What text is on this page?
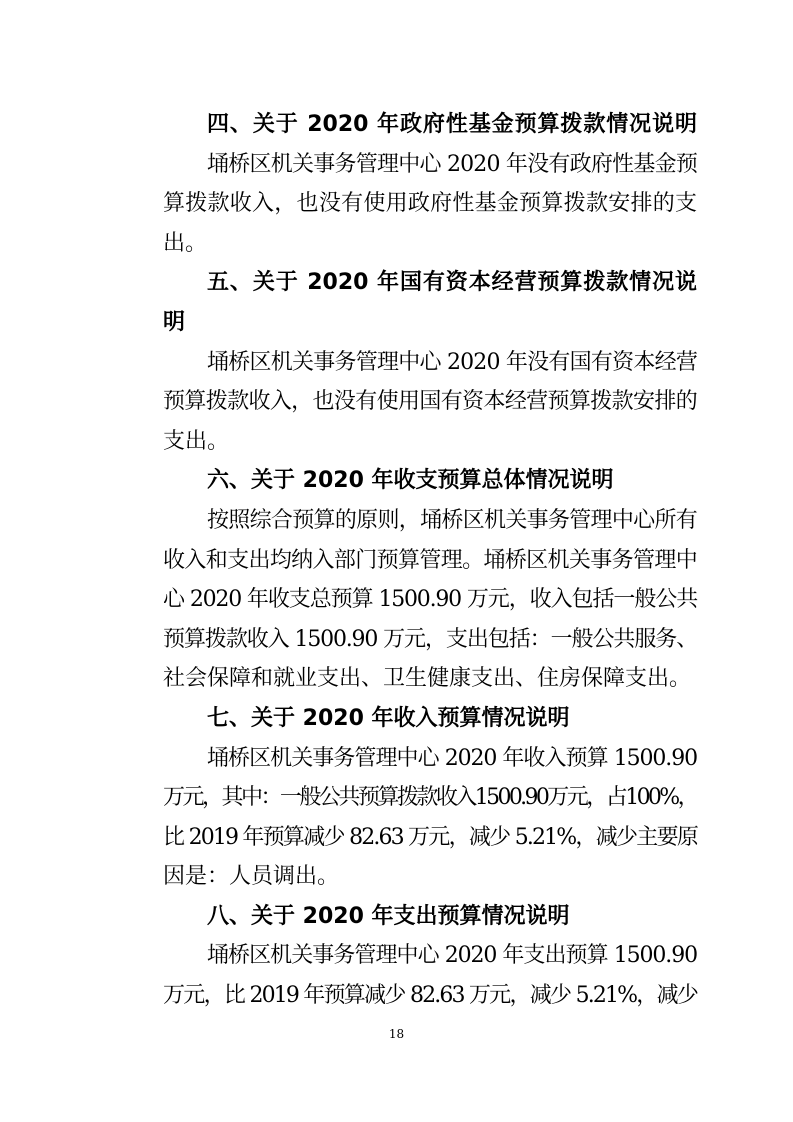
四、关于 2020 年政府性基金预算拨款情况说明
埇桥区机关事务管理中心 2020 年没有政府性基金预
算拨款收入，也没有使用政府性基金预算拨款安排的支
出。
五、关于 2020 年国有资本经营预算拨款情况说
明
埇桥区机关事务管理中心 2020 年没有国有资本经营
预算拨款收入，也没有使用国有资本经营预算拨款安排的
支出。
六、关于 2020 年收支预算总体情况说明
按照综合预算的原则，埇桥区机关事务管理中心所有
收入和支出均纳入部门预算管理。埇桥区机关事务管理中
心 2020 年收支总预算 1500.90 万元，收入包括一般公共
预算拨款收入 1500.90 万元，支出包括：一般公共服务、
社会保障和就业支出、卫生健康支出、住房保障支出。
七、关于 2020 年收入预算情况说明
埇桥区机关事务管理中心 2020 年收入预算 1500.90
万元，其中：一般公共预算拨款收入1500.90万元，占100%，
比 2019 年预算减少 82.63 万元，减少 5.21%，减少主要原
因是：人员调出。
八、关于 2020 年支出预算情况说明
埇桥区机关事务管理中心 2020 年支出预算 1500.90
万元，比 2019 年预算减少 82.63 万元，减少 5.21%，减少
18
